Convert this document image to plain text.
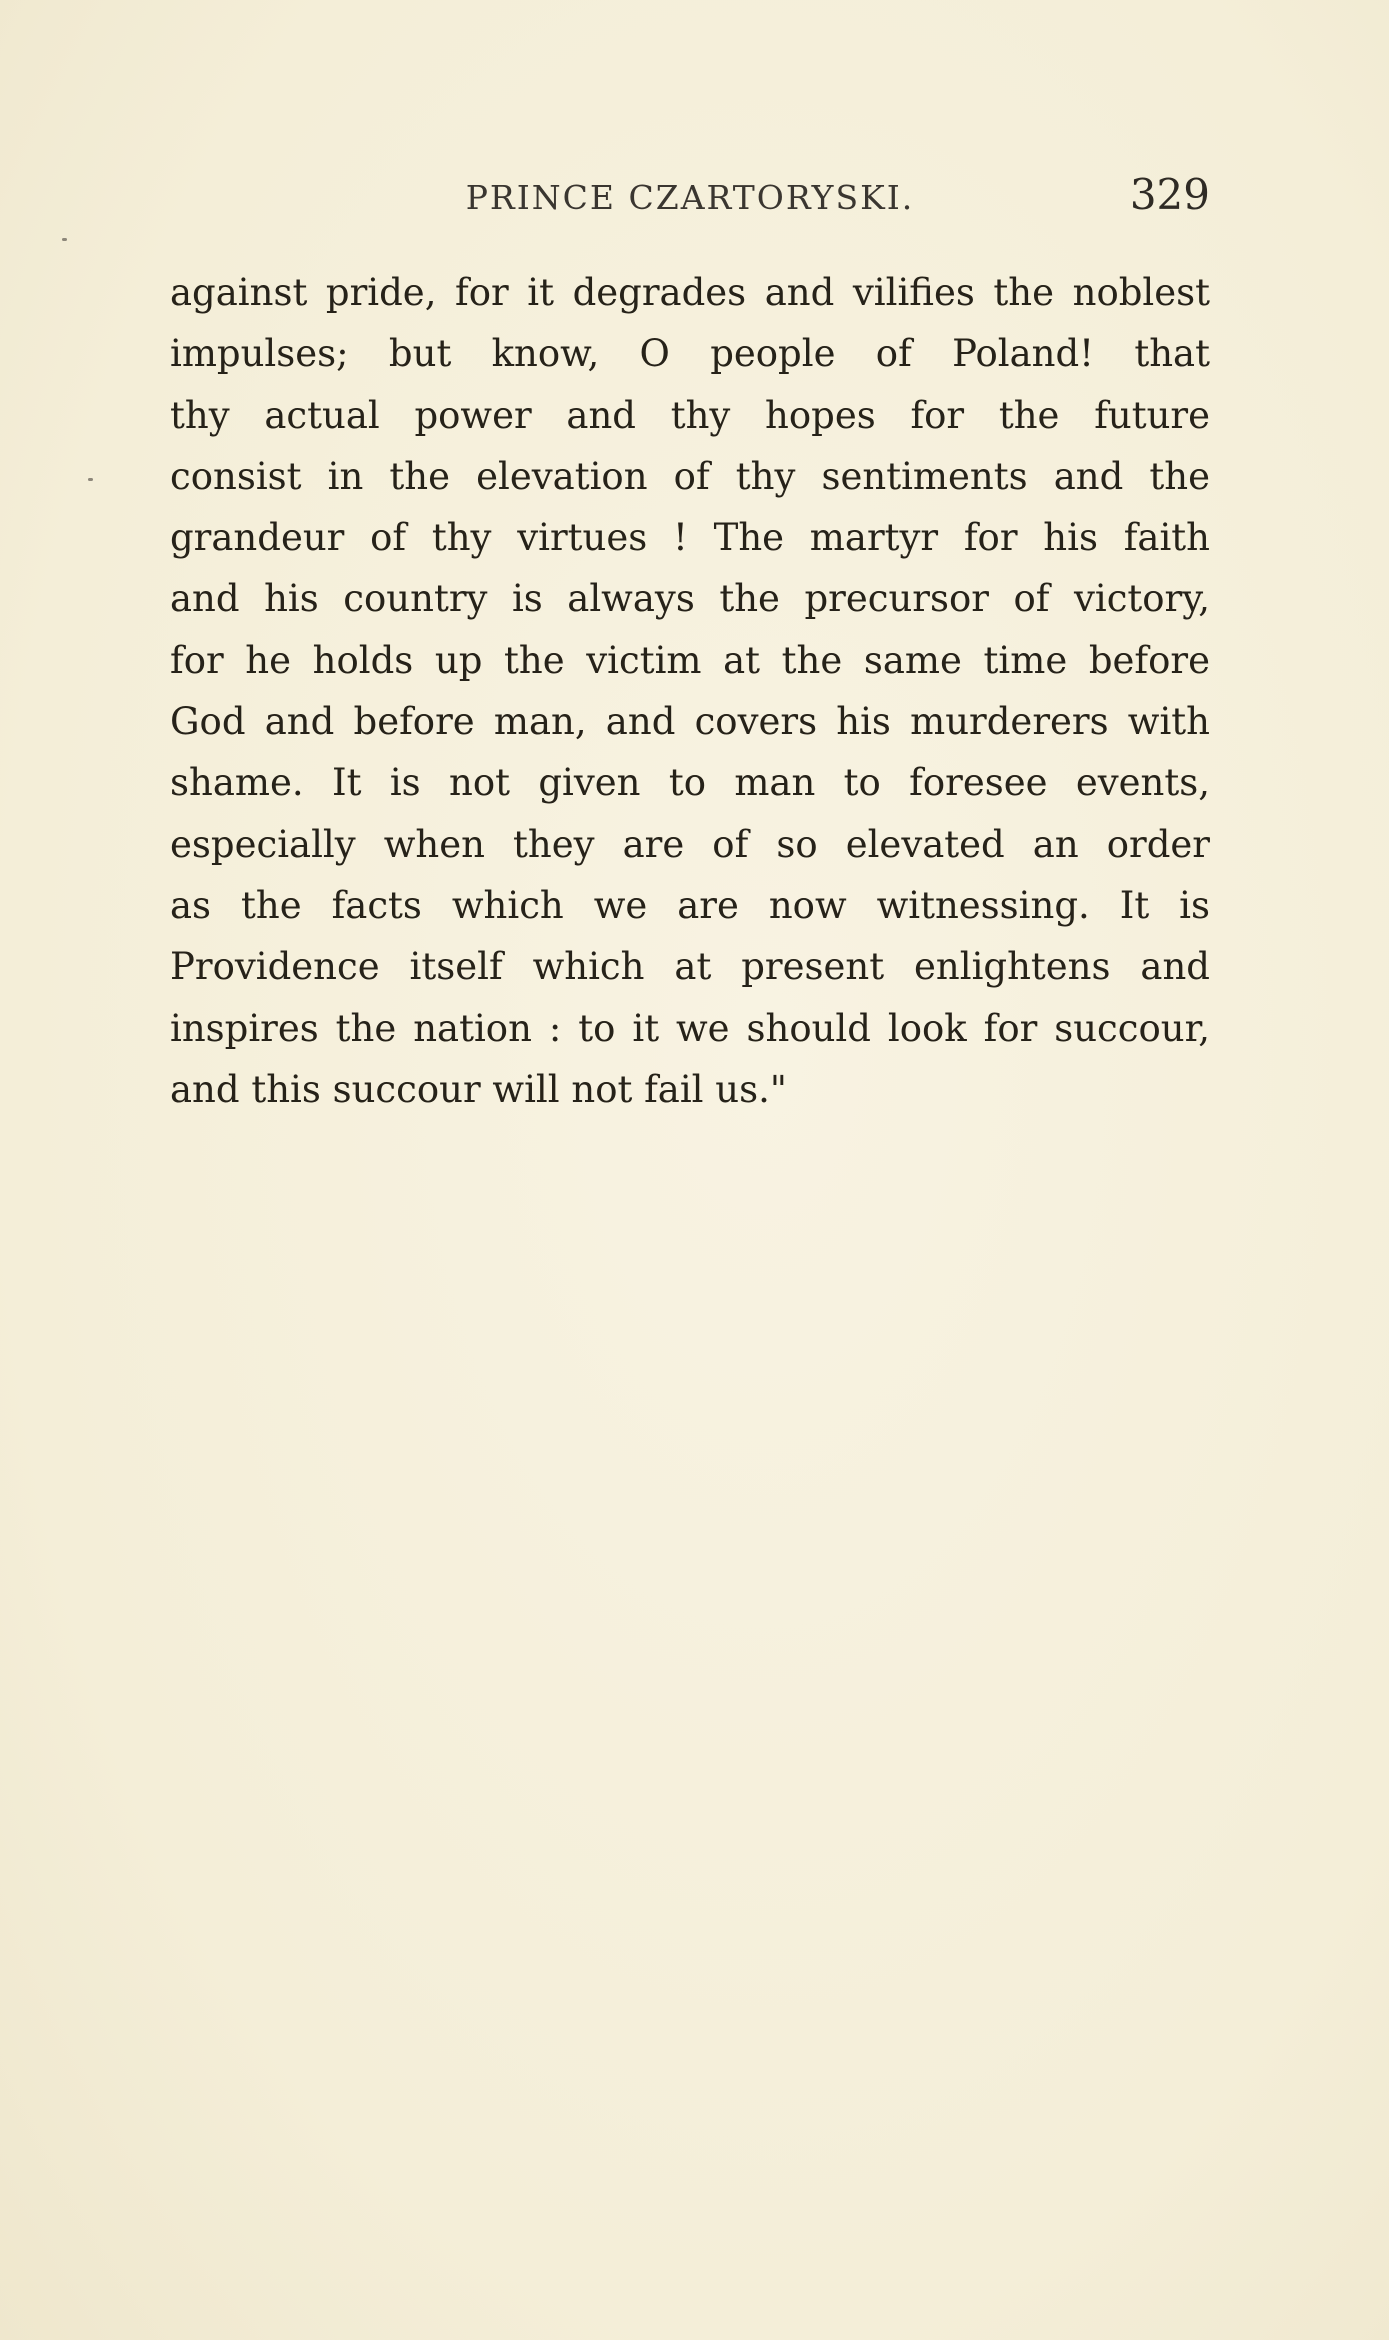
PRINCE CZARTORYSKI.	329
against pride, for it degrades and vilifies the noblest
impulses; but know, O people of Poland! that
thy actual power and thy hopes for the future
consist in the elevation of thy sentiments and the
grandeur of thy virtues ! The martyr for his faith
and his country is always the precursor of victory,
for he holds up the victim at the same time before
God and before man, and covers his murderers with
shame. It is not given to man to foresee events,
especially when they are of so elevated an order
as the facts which we are now witnessing. It is
Providence itself which at present enlightens and
inspires the nation : to it we should look for succour,
and this succour will not fail us."
